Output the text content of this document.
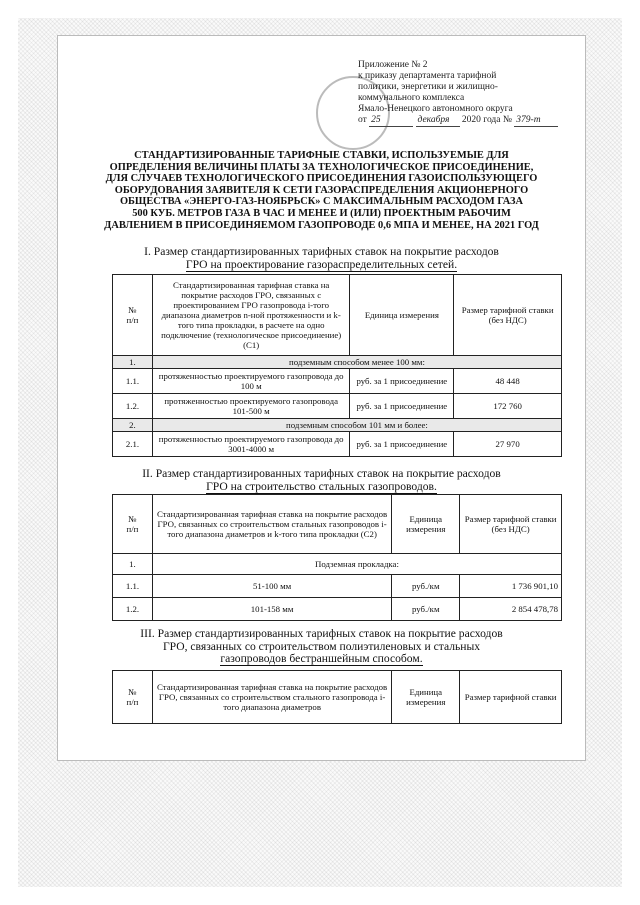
Приложение № 2
к приказу департамента тарифной
политики, энергетики и жилищно-
коммунального комплекса
Ямало-Ненецкого автономного округа
от 25	декабря 2020 года № 379-т
СТАНДАРТИЗИРОВАННЫЕ ТАРИФНЫЕ СТАВКИ, ИСПОЛЬЗУЕМЫЕ ДЛЯ
ОПРЕДЕЛЕНИЯ ВЕЛИЧИНЫ ПЛАТЫ ЗА ТЕХНОЛОГИЧЕСКОЕ ПРИСОЕДИНЕНИЕ,
ДЛЯ СЛУЧАЕВ ТЕХНОЛОГИЧЕСКОГО ПРИСОЕДИНЕНИЯ ГАЗОИСПОЛЬЗУЮЩЕГО
ОБОРУДОВАНИЯ ЗАЯВИТЕЛЯ К СЕТИ ГАЗОРАСПРЕДЕЛЕНИЯ АКЦИОНЕРНОГО
ОБЩЕСТВА «ЭНЕРГО-ГАЗ-НОЯБРЬСК» С МАКСИМАЛЬНЫМ РАСХОДОМ ГАЗА
500 КУБ. МЕТРОВ ГАЗА В ЧАС И МЕНЕЕ И (ИЛИ) ПРОЕКТНЫМ РАБОЧИМ
ДАВЛЕНИЕМ В ПРИСОЕДИНЯЕМОМ ГАЗОПРОВОДЕ 0,6 МПА И МЕНЕЕ, НА 2021 ГОД
I. Размер стандартизированных тарифных ставок на покрытие расходов
ГРО на проектирование газораспределительных сетей.
№
п/п	Стандартизированная тарифная ставка на покрытие расходов ГРО, связанных с проектированием ГРО газопровода i-того диапазона диаметров n-ной протяженности и k-того типа прокладки, в расчете на одно подключение (технологическое присоединение) (С1)	Единица измерения	Размер тарифной ставки (без НДС)
1.	подземным способом менее 100 мм:		
1.1.	протяженностью проектируемого газопровода до 100 м	руб. за 1 присоединение	48 448
1.2.	протяженностью проектируемого газопровода 101-500 м	руб. за 1 присоединение	172 760
2.	подземным способом 101 мм и более:		
2.1.	протяженностью проектируемого газопровода до 3001-4000 м	руб. за 1 присоединение	27 970
II. Размер стандартизированных тарифных ставок на покрытие расходов
ГРО на строительство стальных газопроводов.
№
п/п	Стандартизированная тарифная ставка на покрытие расходов ГРО, связанных со строительством стальных газопроводов i-того диапазона диаметров и k-того типа прокладки (С2)	Единица измерения	Размер тарифной ставки (без НДС)
1.	Подземная прокладка:		
1.1.	51-100 мм	руб./км	1 736 901,10
1.2.	101-158 мм	руб./км	2 854 478,78
III. Размер стандартизированных тарифных ставок на покрытие расходов
ГРО, связанных со строительством полиэтиленовых и стальных
газопроводов бестраншейным способом.
№
п/п	Стандартизированная тарифная ставка на покрытие расходов ГРО, связанных со строительством стального газопровода i-того диапазона диаметров	Единица измерения	Размер тарифной ставки
